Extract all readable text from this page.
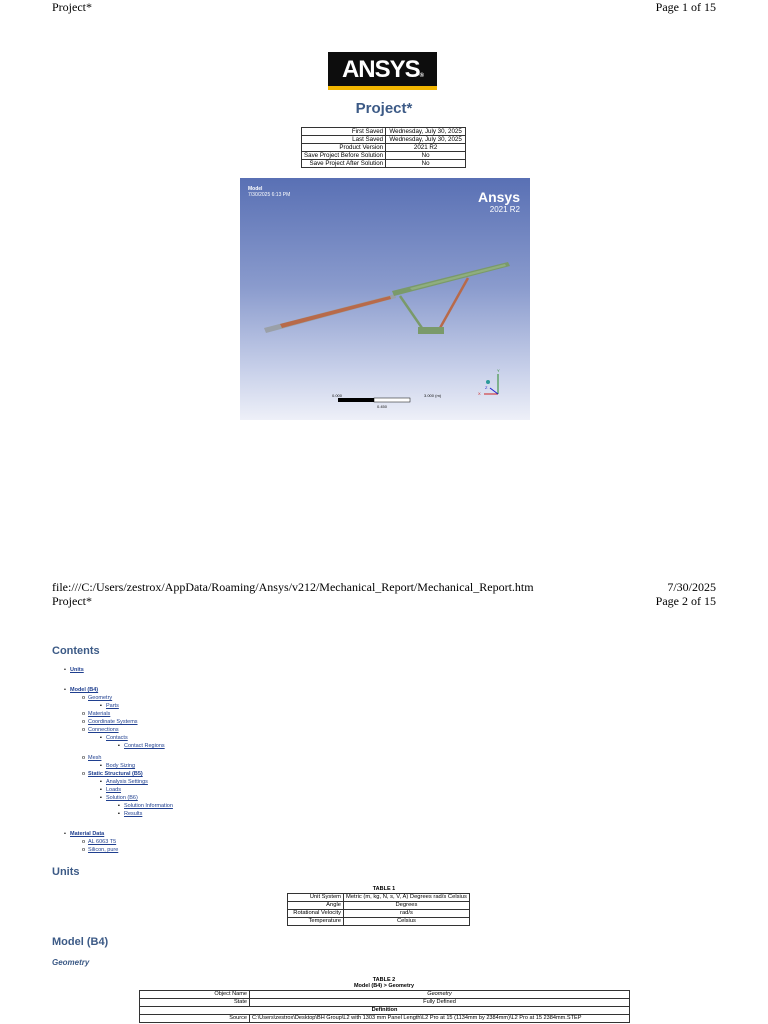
Project*	Page 1 of 15
ANSYS®
Project*
First Saved	Wednesday, July 30, 2025
Last Saved	Wednesday, July 30, 2025
Product Version	2021 R2
Save Project Before Solution	No
Save Project After Solution	No
Model
7/30/2025 6:13 PM	Ansys
2021 R2
0.000	3.000 (m)
0.450
Y
X
Z
file:///C:/Users/zestrox/AppData/Roaming/Ansys/v212/Mechanical_Report/Mechanical_Report.htm	7/30/2025
Project*	Page 2 of 15
Contents
• Units
• Model (B4)
o Geometry
▪ Parts
o Materials
o Coordinate Systems
o Connections
▪ Contacts
▪ Contact Regions
o Mesh
▪ Body Sizing
o Static Structural (B5)
▪ Analysis Settings
▪ Loads
▪ Solution (B6)
▪ Solution Information
▪ Results
• Material Data
o AL 6063 T5
o Silicon, pure
Units
TABLE 1
Unit System	Metric (m, kg, N, s, V, A) Degrees rad/s Celsius
Angle	Degrees
Rotational Velocity	rad/s
Temperature	Celsius
Model (B4)
Geometry
TABLE 2
Model (B4) > Geometry
Object Name	Geometry
State	Fully Defined
Definition	
Source	C:\Users\zestrox\Desktop\BH Group\L2 with 1303 mm Panel Length\L2 Pro at 15 (1134mm by 2384mm)\L2 Pro at 15 2384mm.STEP
